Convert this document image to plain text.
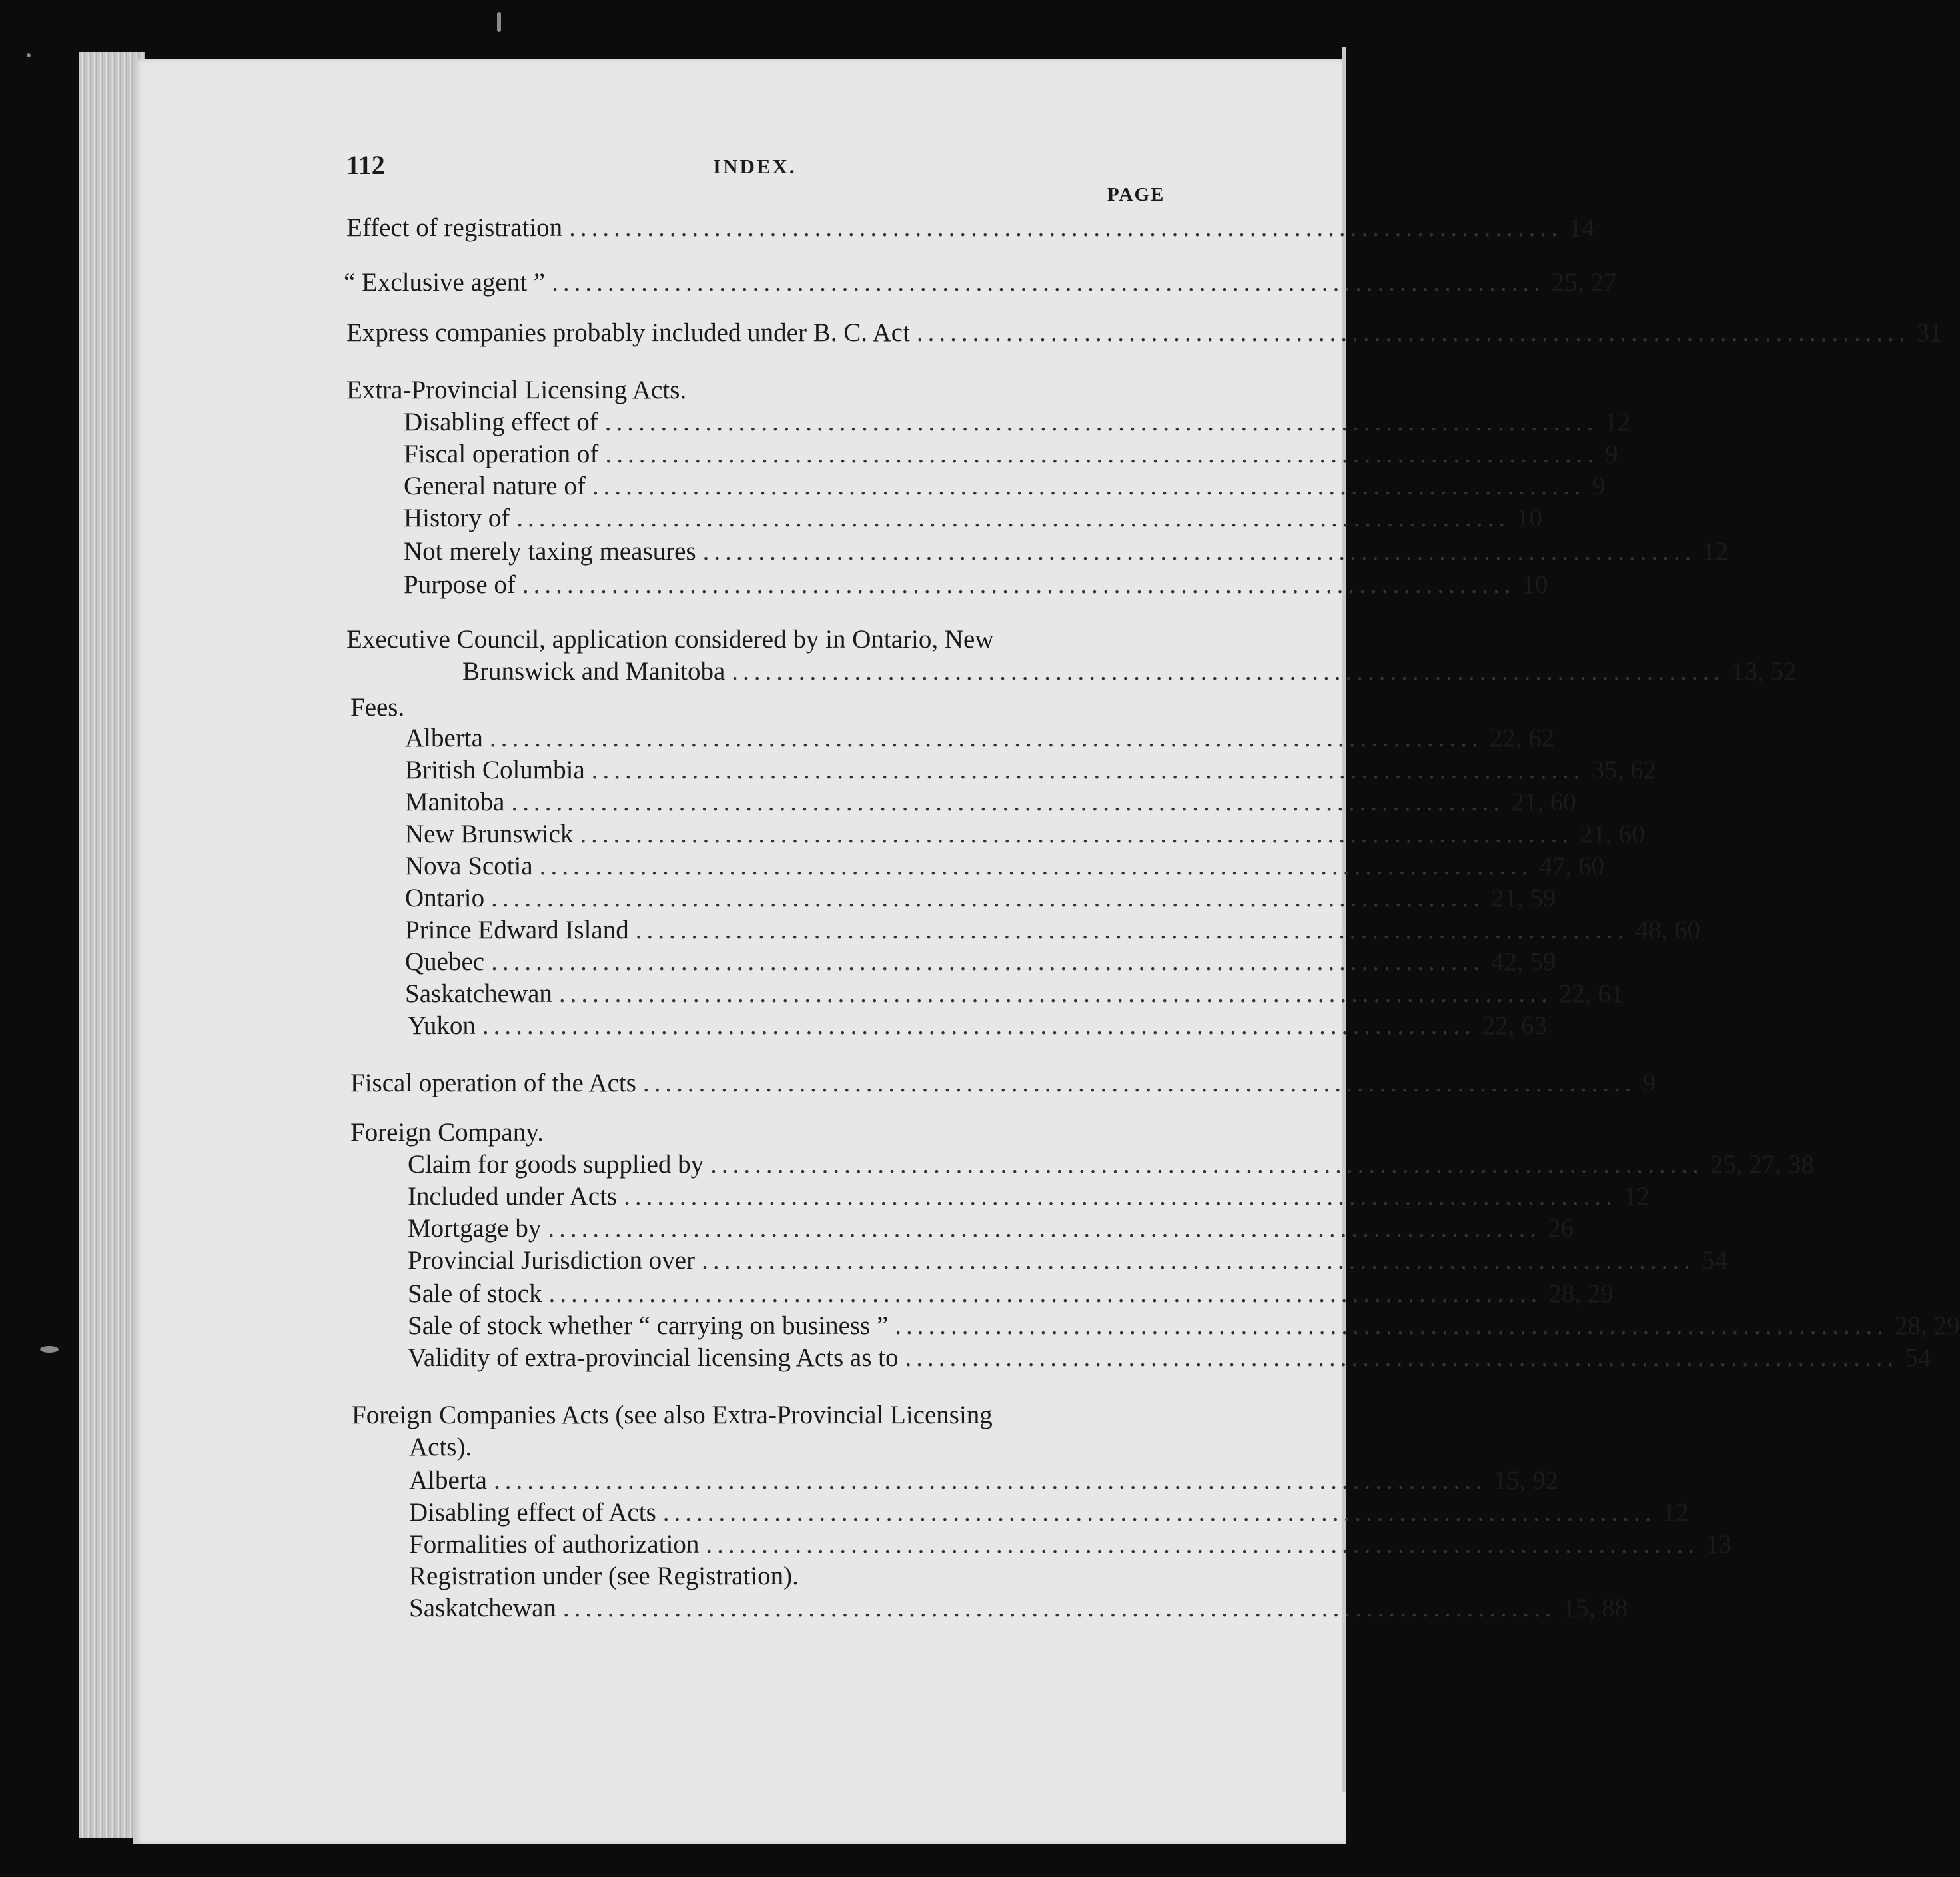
112	INDEX.
PAGE
Effect of registration ......................................................................................... 14
“ Exclusive agent ” ......................................................................................... 25, 27
Express companies probably included under B. C. Act ......................................................................................... 31
Extra-Provincial Licensing Acts.
Disabling effect of ......................................................................................... 12
Fiscal operation of ......................................................................................... 9
General nature of ......................................................................................... 9
History of ......................................................................................... 10
Not merely taxing measures ......................................................................................... 12
Purpose of ......................................................................................... 10
Executive Council, application considered by in Ontario, New
Brunswick and Manitoba ......................................................................................... 13, 52
Fees.
Alberta ......................................................................................... 22, 62
British Columbia ......................................................................................... 35, 62
Manitoba ......................................................................................... 21, 60
New Brunswick ......................................................................................... 21, 60
Nova Scotia ......................................................................................... 47, 60
Ontario ......................................................................................... 21, 59
Prince Edward Island ......................................................................................... 48, 60
Quebec ......................................................................................... 42, 59
Saskatchewan ......................................................................................... 22, 61
Yukon ......................................................................................... 22, 63
Fiscal operation of the Acts ......................................................................................... 9
Foreign Company.
Claim for goods supplied by ......................................................................................... 25, 27, 38
Included under Acts ......................................................................................... 12
Mortgage by ......................................................................................... 26
Provincial Jurisdiction over ......................................................................................... 54
Sale of stock ......................................................................................... 28, 29
Sale of stock whether “ carrying on business ” ......................................................................................... 28, 29
Validity of extra-provincial licensing Acts as to ......................................................................................... 54
Foreign Companies Acts (see also Extra-Provincial Licensing
Acts).
Alberta ......................................................................................... 15, 92
Disabling effect of Acts ......................................................................................... 12
Formalities of authorization ......................................................................................... 13
Registration under (see Registration).
Saskatchewan ......................................................................................... 15, 88
